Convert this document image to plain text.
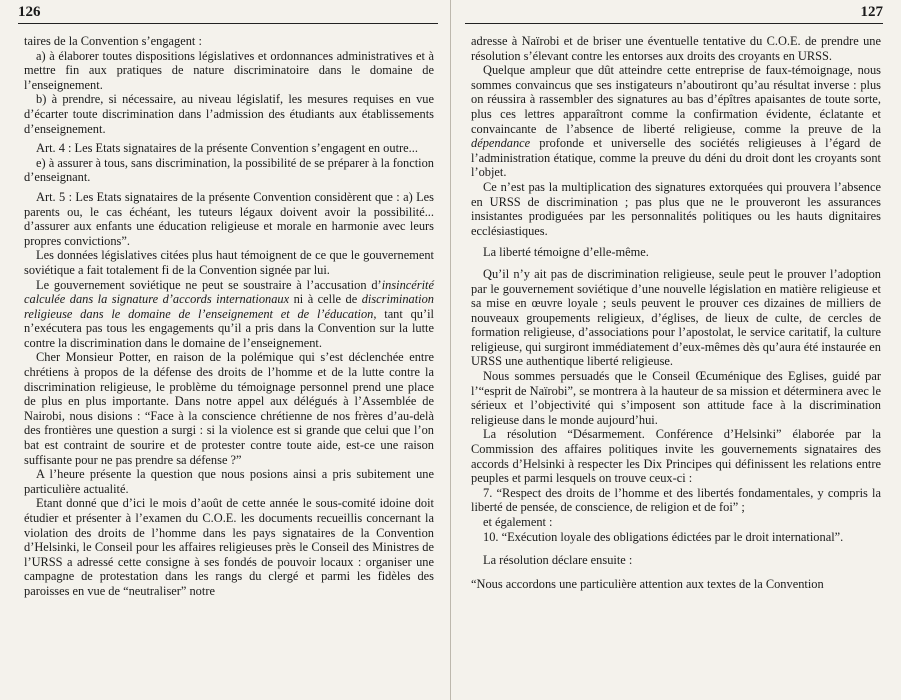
126

taires de la Convention s’engagent :

a) à élaborer toutes dispositions législatives et ordonnances administratives et à mettre fin aux pratiques de nature discriminatoire dans le domaine de l’enseignement.

b) à prendre, si nécessaire, au niveau législatif, les mesures requises en vue d’écarter toute discrimination dans l’admission des étudiants aux établissements d’enseignement.

Art. 4 : Les Etats signataires de la présente Convention s’engagent en outre...

e) à assurer à tous, sans discrimination, la possibilité de se préparer à la fonction d’enseignant.

Art. 5 : Les Etats signataires de la présente Convention considèrent que : a) Les parents ou, le cas échéant, les tuteurs légaux doivent avoir la possibilité... d’assurer aux enfants une éducation religieuse et morale en harmonie avec leurs propres convictions”.

Les données législatives citées plus haut témoignent de ce que le gouvernement soviétique a fait totalement fi de la Convention signée par lui.

Le gouvernement soviétique ne peut se soustraire à l’accusation d’insincérité calculée dans la signature d’accords internationaux ni à celle de discrimination religieuse dans le domaine de l’enseignement et de l’éducation, tant qu’il n’exécutera pas tous les engagements qu’il a pris dans la Convention sur la lutte contre la discrimination dans le domaine de l’enseignement.

Cher Monsieur Potter, en raison de la polémique qui s’est déclenchée entre chrétiens à propos de la défense des droits de l’homme et de la lutte contre la discrimination religieuse, le problème du témoignage personnel prend une place de plus en plus importante. Dans notre appel aux délégués à l’Assemblée de Nairobi, nous disions : “Face à la conscience chrétienne de nos frères d’au-delà des frontières une question a surgi : si la violence est si grande que celui que l’on bat est contraint de sourire et de protester contre toute aide, est-ce une raison suffisante pour ne pas prendre sa défense ?”

A l’heure présente la question que nous posions ainsi a pris subitement une particulière actualité.

Etant donné que d’ici le mois d’août de cette année le sous-comité idoine doit étudier et présenter à l’examen du C.O.E. les documents recueillis concernant la violation des droits de l’homme dans les pays signataires de la Convention d’Helsinki, le Conseil pour les affaires religieuses près le Conseil des Ministres de l’URSS a adressé cette consigne à ses fondés de pouvoir locaux : organiser une campagne de protestation dans les rangs du clergé et parmi les fidèles des paroisses en vue de “neutraliser” notre

127

adresse à Naïrobi et de briser une éventuelle tentative du C.O.E. de prendre une résolution s’élevant contre les entorses aux droits des croyants en URSS.

Quelque ampleur que dût atteindre cette entreprise de faux-témoignage, nous sommes convaincus que ses instigateurs n’aboutiront qu’au résultat inverse : plus on réussira à rassembler des signatures au bas d’épîtres apaisantes de toute sorte, plus ces lettres apparaîtront comme la confirmation évidente, éclatante et convaincante de l’absence de liberté religieuse, comme la preuve de la dépendance profonde et universelle des sociétés religieuses à l’égard de l’administration étatique, comme la preuve du déni du droit dont les croyants sont l’objet.

Ce n’est pas la multiplication des signatures extorquées qui prouvera l’absence en URSS de discrimination ; pas plus que ne le prouveront les assurances insistantes prodiguées par les personnalités politiques ou les hauts dignitaires ecclésiastiques.

La liberté témoigne d’elle-même.

Qu’il n’y ait pas de discrimination religieuse, seule peut le prouver l’adoption par le gouvernement soviétique d’une nouvelle législation en matière religieuse et sa mise en œuvre loyale ; seuls peuvent le prouver ces dizaines de milliers de nouveaux groupements religieux, d’églises, de lieux de culte, de cercles de formation religieuse, d’associations pour l’apostolat, le service caritatif, la culture religieuse, qui surgiront immédiatement d’eux-mêmes dès qu’aura été instaurée en URSS une authentique liberté religieuse.

Nous sommes persuadés que le Conseil Œcuménique des Eglises, guidé par l’“esprit de Naïrobi”, se montrera à la hauteur de sa mission et déterminera avec le sérieux et l’objectivité qui s’imposent son attitude face à la discrimination religieuse dans le monde aujourd’hui.

La résolution “Désarmement. Conférence d’Helsinki” élaborée par la Commission des affaires politiques invite les gouvernements signataires des accords d’Helsinki à respecter les Dix Principes qui définissent les relations entre peuples et parmi lesquels on trouve ceux-ci :

7. “Respect des droits de l’homme et des libertés fondamentales, y compris la liberté de pensée, de conscience, de religion et de foi” ;

et également :

10. “Exécution loyale des obligations édictées par le droit international”.

La résolution déclare ensuite :

“Nous accordons une particulière attention aux textes de la Convention
